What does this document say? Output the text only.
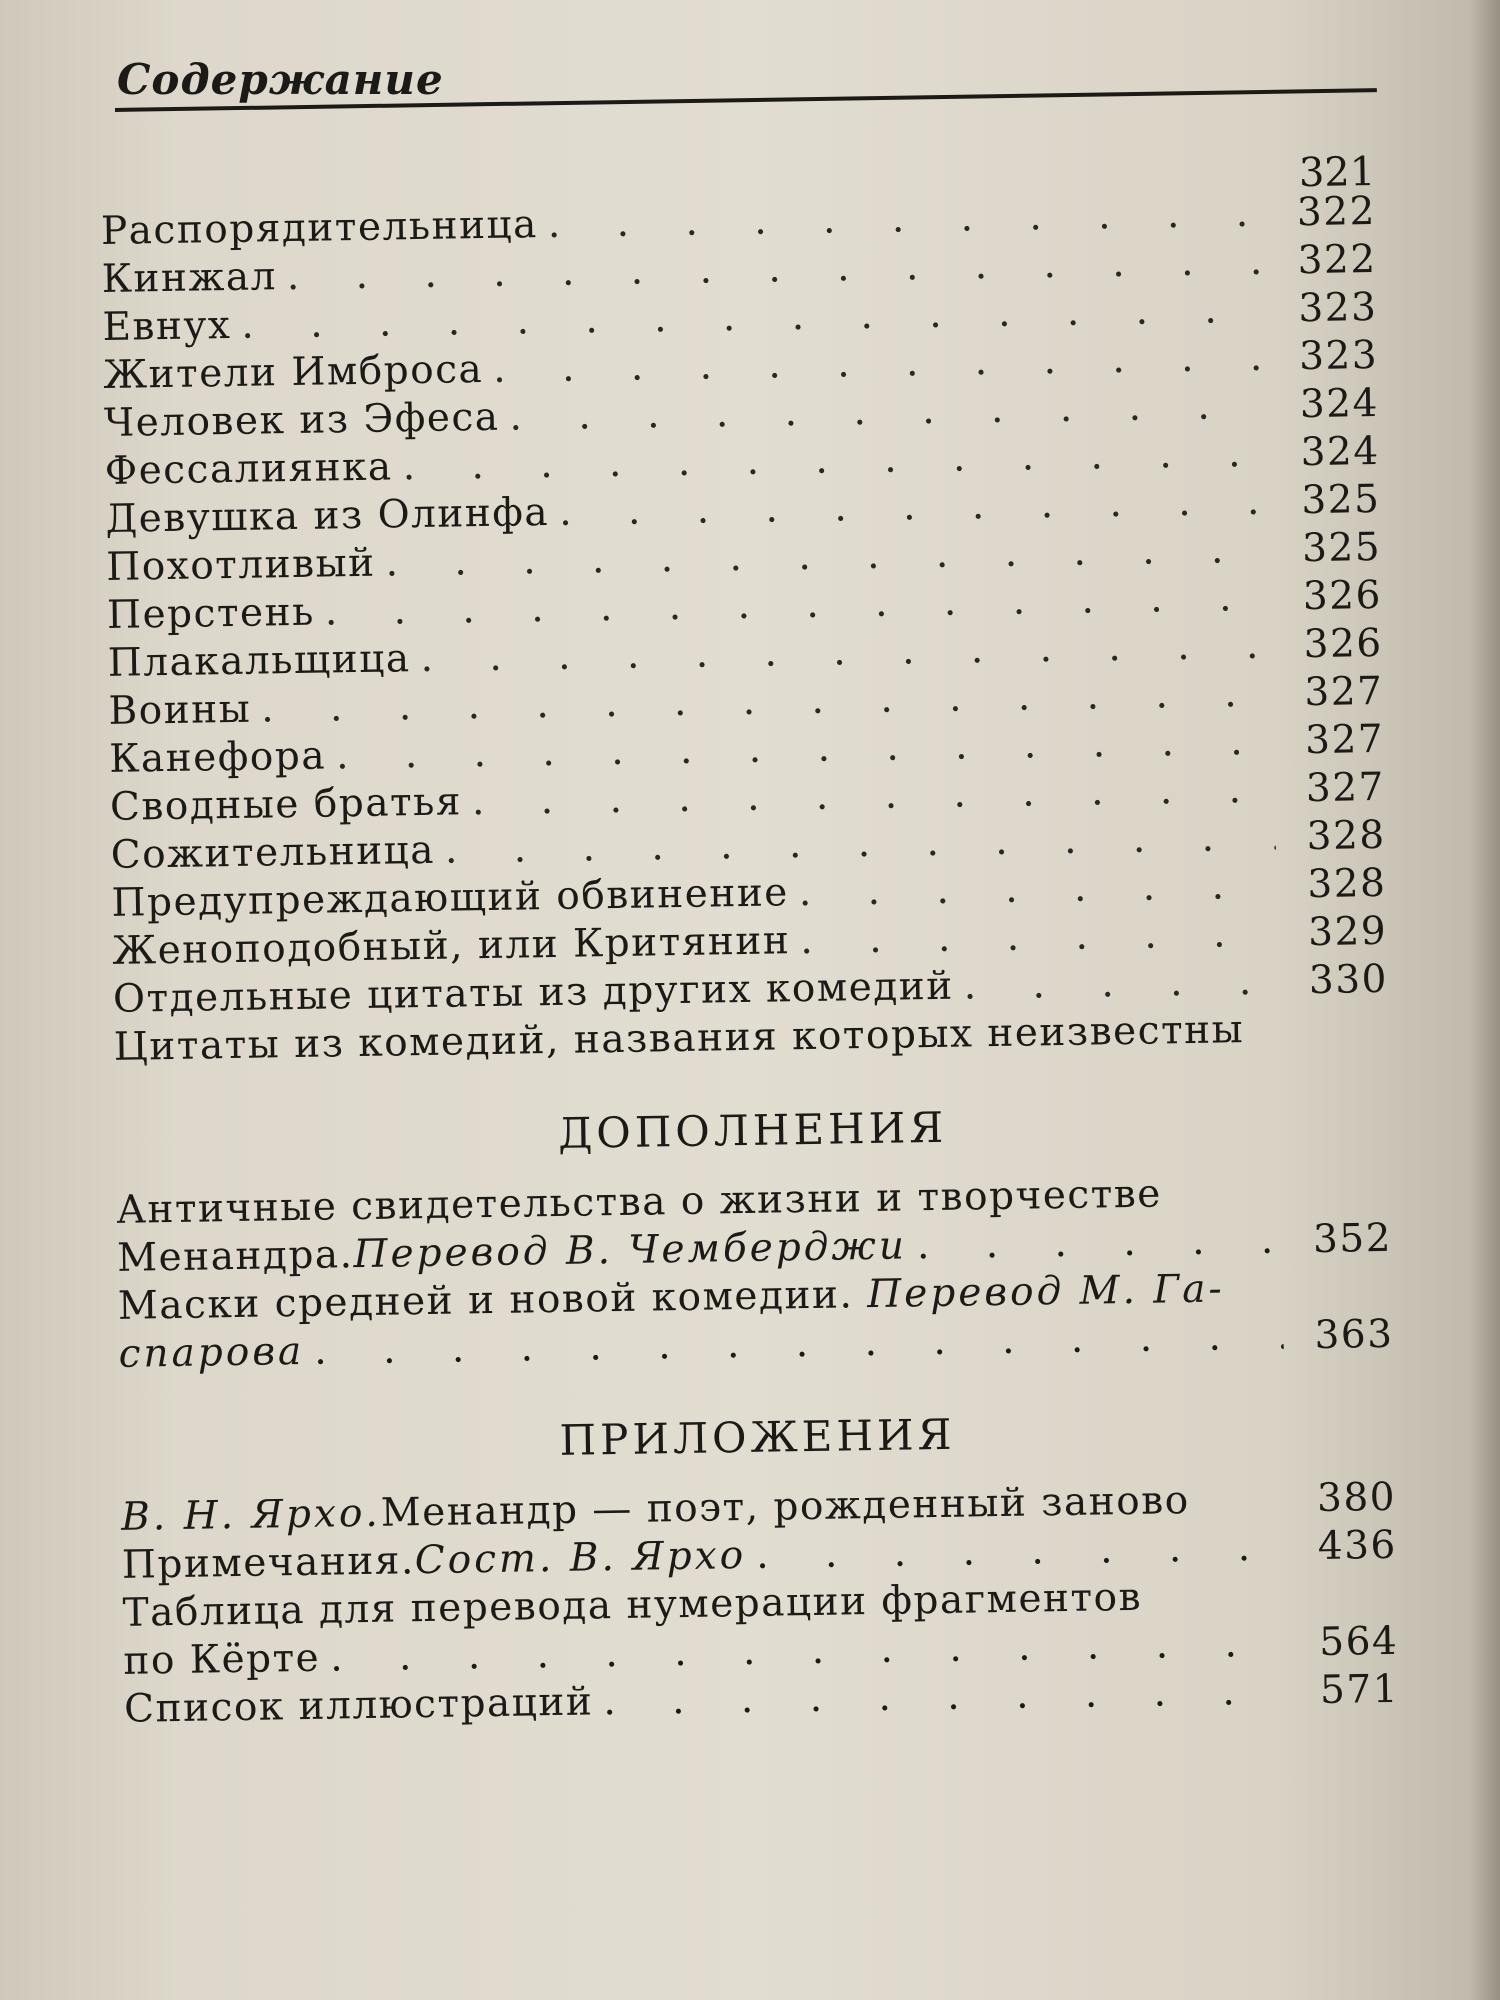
Содержание
321
Распорядительница . . .	322
Кинжал . . .	322
Евнух . . .	323
Жители Имброса . . .	323
Человек из Эфеса . . .	324
Фессалиянка . . .	324
Девушка из Олинфа . . .	325
Похотливый . . .	325
Перстень . . .	326
Плакальщица . . .	326
Воины . . .	327
Канефора . . .	327
Сводные братья . . .	327
Сожительница . . .	328
Предупреждающий обвинение . . .	328
Женоподобный, или Критянин . . .	329
Отдельные цитаты из других комедий . . .	330
Цитаты из комедий, названия которых неизвестны
ДОПОЛНЕНИЯ
Античные свидетельства о жизни и творчестве
Менандра. Перевод В. Чемберджи . . .	352
Маски средней и новой комедии. Перевод М. Га-
спарова . . .	363
ПРИЛОЖЕНИЯ
В. Н. Ярхо. Менандр — поэт, рожденный заново	380
Примечания. Сост. В. Ярхо . . .	436
Таблица для перевода нумерации фрагментов
по Кёрте . . .	564
Список иллюстраций . . .	571
